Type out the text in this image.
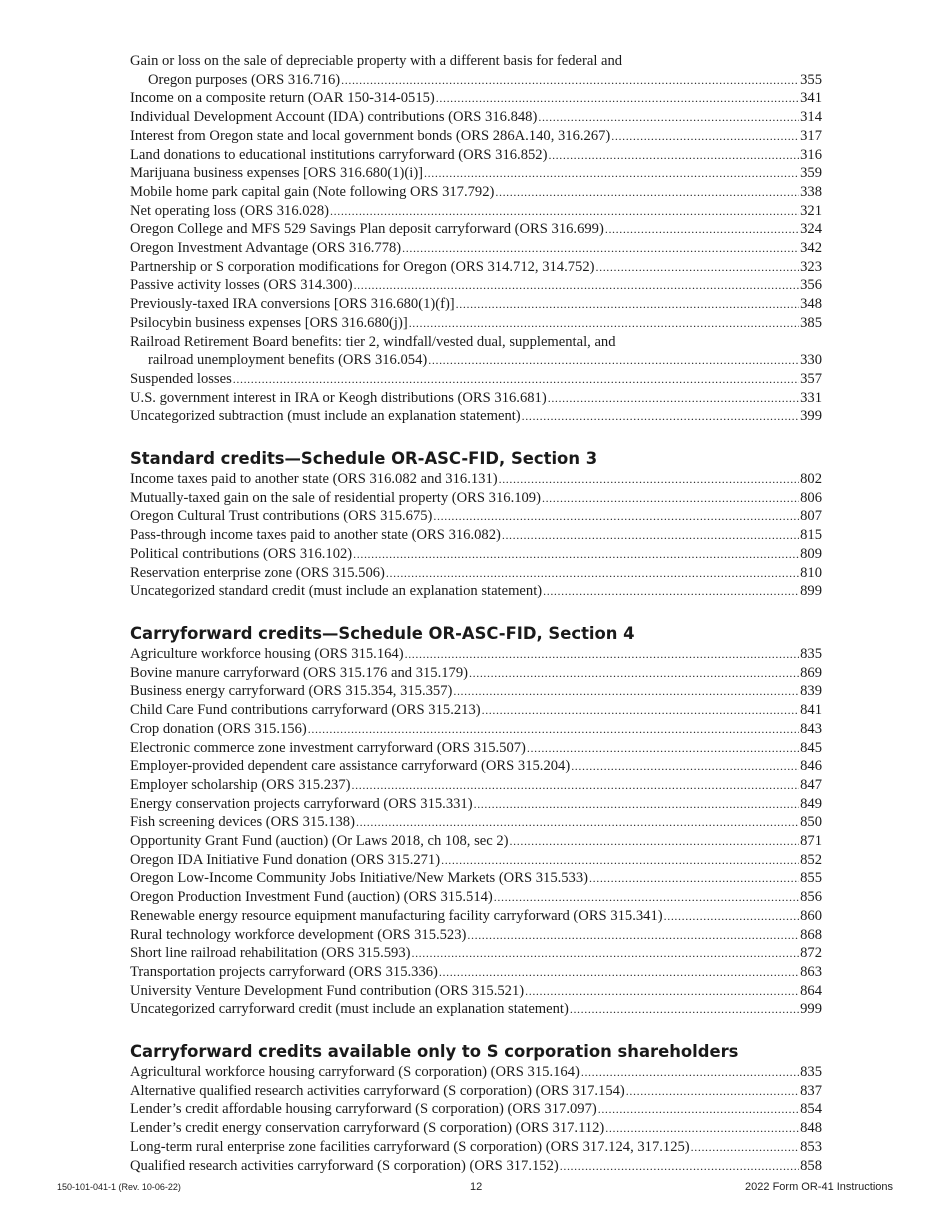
Gain or loss on the sale of depreciable property with a different basis for federal and
Oregon purposes (ORS 316.716) .....	355
Income on a composite return (OAR 150-314-0515) .....	341
Individual Development Account (IDA) contributions (ORS 316.848) .....	314
Interest from Oregon state and local government bonds (ORS 286A.140, 316.267) .....	317
Land donations to educational institutions carryforward (ORS 316.852) .....	316
Marijuana business expenses [ORS 316.680(1)(i)] .....	359
Mobile home park capital gain (Note following ORS 317.792) .....	338
Net operating loss (ORS 316.028) .....	321
Oregon College and MFS 529 Savings Plan deposit carryforward (ORS 316.699) .....	324
Oregon Investment Advantage (ORS 316.778) .....	342
Partnership or S corporation modifications for Oregon (ORS 314.712, 314.752) .....	323
Passive activity losses (ORS 314.300) .....	356
Previously-taxed IRA conversions [ORS 316.680(1)(f)] .....	348
Psilocybin business expenses [ORS 316.680(j)] .....	385
Railroad Retirement Board benefits: tier 2, windfall/vested dual, supplemental, and
railroad unemployment benefits (ORS 316.054) .....	330
Suspended losses .....	357
U.S. government interest in IRA or Keogh distributions (ORS 316.681) .....	331
Uncategorized subtraction (must include an explanation statement) .....	399
Standard credits—Schedule OR-ASC-FID, Section 3
Income taxes paid to another state (ORS 316.082 and 316.131) .....	802
Mutually-taxed gain on the sale of residential property (ORS 316.109) .....	806
Oregon Cultural Trust contributions (ORS 315.675) .....	807
Pass-through income taxes paid to another state (ORS 316.082) .....	815
Political contributions (ORS 316.102) .....	809
Reservation enterprise zone (ORS 315.506) .....	810
Uncategorized standard credit (must include an explanation statement) .....	899
Carryforward credits—Schedule OR-ASC-FID, Section 4
Agriculture workforce housing (ORS 315.164) .....	835
Bovine manure carryforward (ORS 315.176 and 315.179) .....	869
Business energy carryforward (ORS 315.354, 315.357) .....	839
Child Care Fund contributions carryforward (ORS 315.213) .....	841
Crop donation (ORS 315.156) .....	843
Electronic commerce zone investment carryforward (ORS 315.507) .....	845
Employer-provided dependent care assistance carryforward (ORS 315.204) .....	846
Employer scholarship (ORS 315.237) .....	847
Energy conservation projects carryforward (ORS 315.331) .....	849
Fish screening devices (ORS 315.138) .....	850
Opportunity Grant Fund (auction) (Or Laws 2018, ch 108, sec 2) .....	871
Oregon IDA Initiative Fund donation (ORS 315.271) .....	852
Oregon Low-Income Community Jobs Initiative/New Markets (ORS 315.533) .....	855
Oregon Production Investment Fund (auction) (ORS 315.514) .....	856
Renewable energy resource equipment manufacturing facility carryforward (ORS 315.341) .....	860
Rural technology workforce development (ORS 315.523) .....	868
Short line railroad rehabilitation (ORS 315.593) .....	872
Transportation projects carryforward (ORS 315.336) .....	863
University Venture Development Fund contribution (ORS 315.521) .....	864
Uncategorized carryforward credit (must include an explanation statement) .....	999
Carryforward credits available only to S corporation shareholders
Agricultural workforce housing carryforward (S corporation) (ORS 315.164) .....	835
Alternative qualified research activities carryforward (S corporation) (ORS 317.154) .....	837
Lender’s credit affordable housing carryforward (S corporation) (ORS 317.097) .....	854
Lender’s credit energy conservation carryforward (S corporation) (ORS 317.112) .....	848
Long-term rural enterprise zone facilities carryforward (S corporation) (ORS 317.124, 317.125) .....	853
Qualified research activities carryforward (S corporation) (ORS 317.152) .....	858
150-101-041-1 (Rev. 10-06-22)	12	2022 Form OR-41 Instructions
